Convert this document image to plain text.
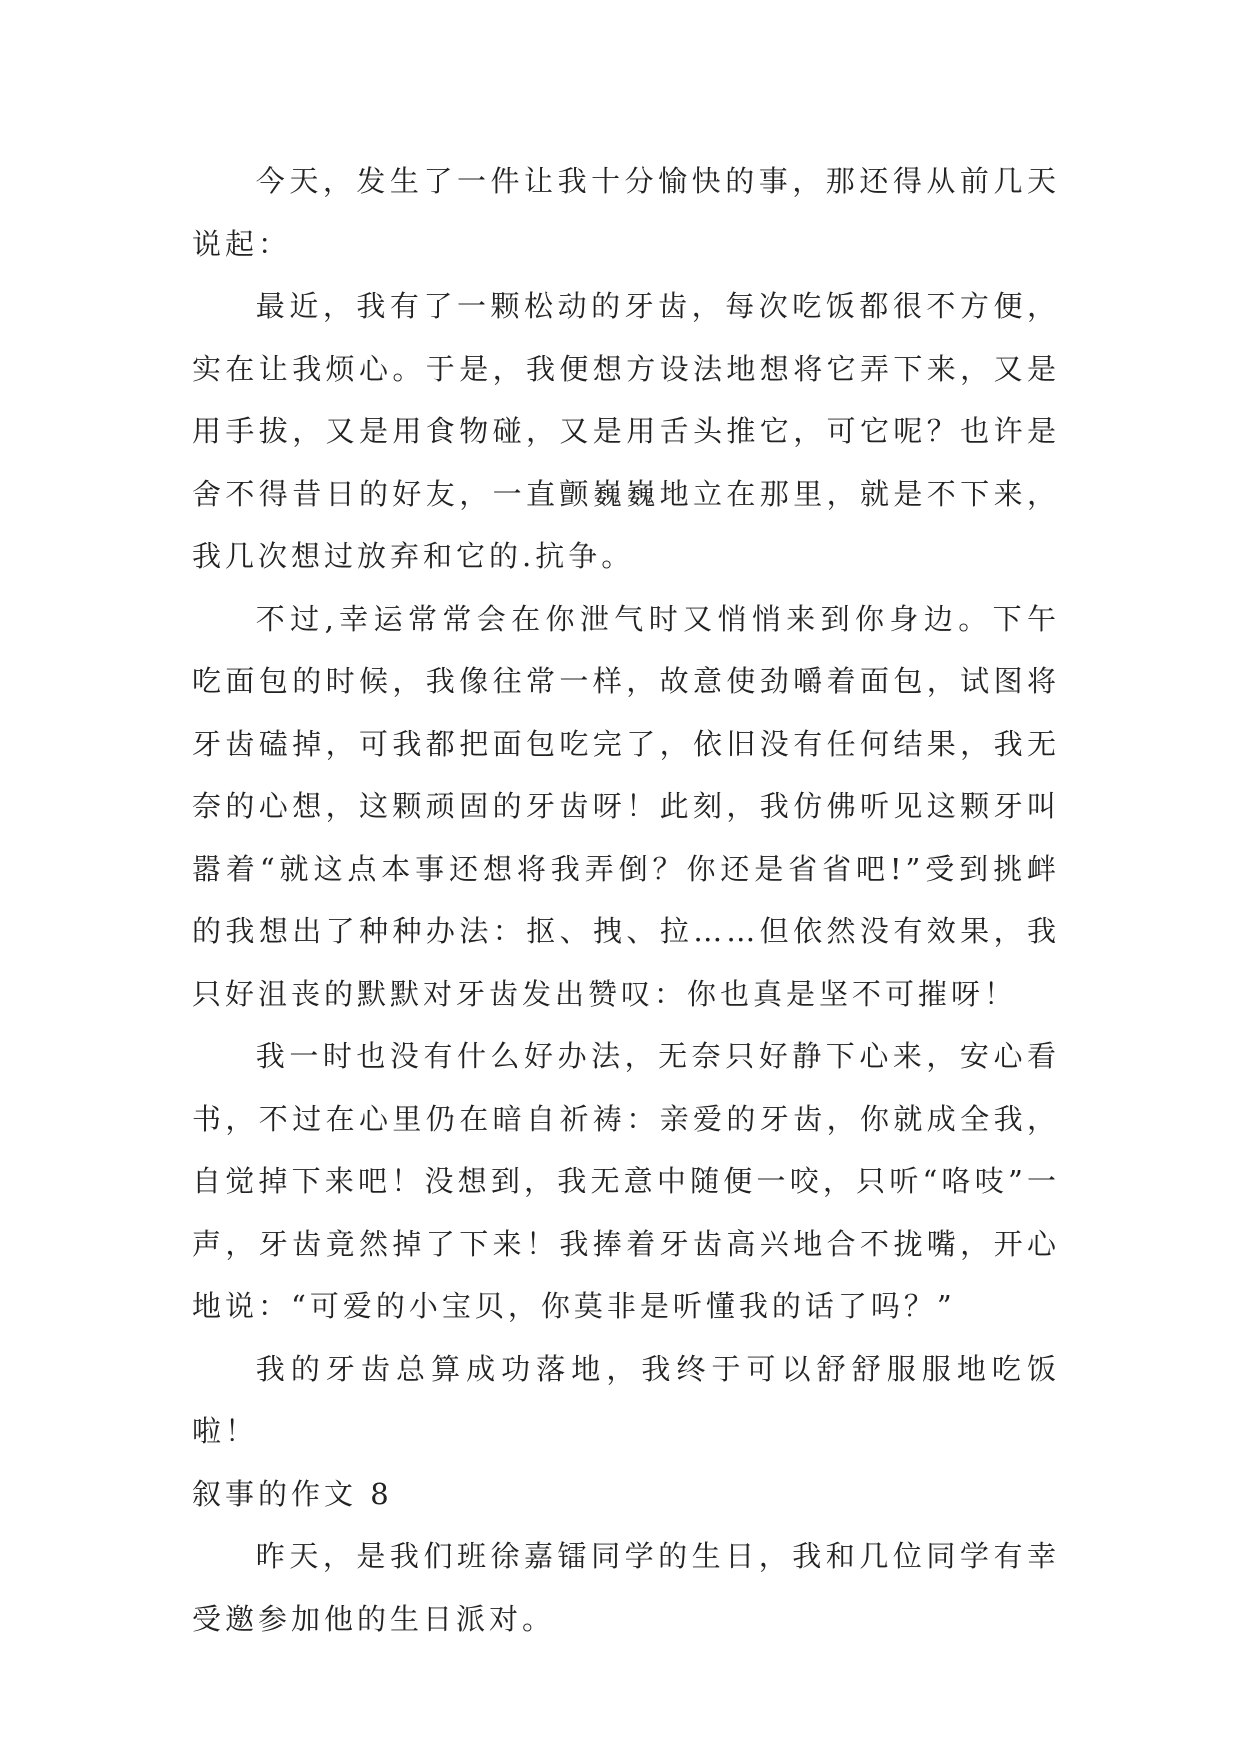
今天，发生了一件让我十分愉快的事，那还得从前几天说起：

最近，我有了一颗松动的牙齿，每次吃饭都很不方便，实在让我烦心。于是，我便想方设法地想将它弄下来，又是用手拔，又是用食物碰，又是用舌头推它，可它呢？也许是舍不得昔日的好友，一直颤巍巍地立在那里，就是不下来，我几次想过放弃和它的.抗争。

不过,幸运常常会在你泄气时又悄悄来到你身边。下午吃面包的时候，我像往常一样，故意使劲嚼着面包，试图将牙齿磕掉，可我都把面包吃完了，依旧没有任何结果，我无奈的心想，这颗顽固的牙齿呀！此刻，我仿佛听见这颗牙叫嚣着“就这点本事还想将我弄倒？你还是省省吧!”受到挑衅的我想出了种种办法：抠、拽、拉……但依然没有效果，我只好沮丧的默默对牙齿发出赞叹：你也真是坚不可摧呀！

我一时也没有什么好办法，无奈只好静下心来，安心看书，不过在心里仍在暗自祈祷：亲爱的牙齿，你就成全我，自觉掉下来吧！没想到，我无意中随便一咬，只听“咯吱”一声，牙齿竟然掉了下来！我捧着牙齿高兴地合不拢嘴，开心地说：“可爱的小宝贝，你莫非是听懂我的话了吗？”

我的牙齿总算成功落地，我终于可以舒舒服服地吃饭啦！

叙事的作文 8

昨天，是我们班徐嘉镭同学的生日，我和几位同学有幸受邀参加他的生日派对。
